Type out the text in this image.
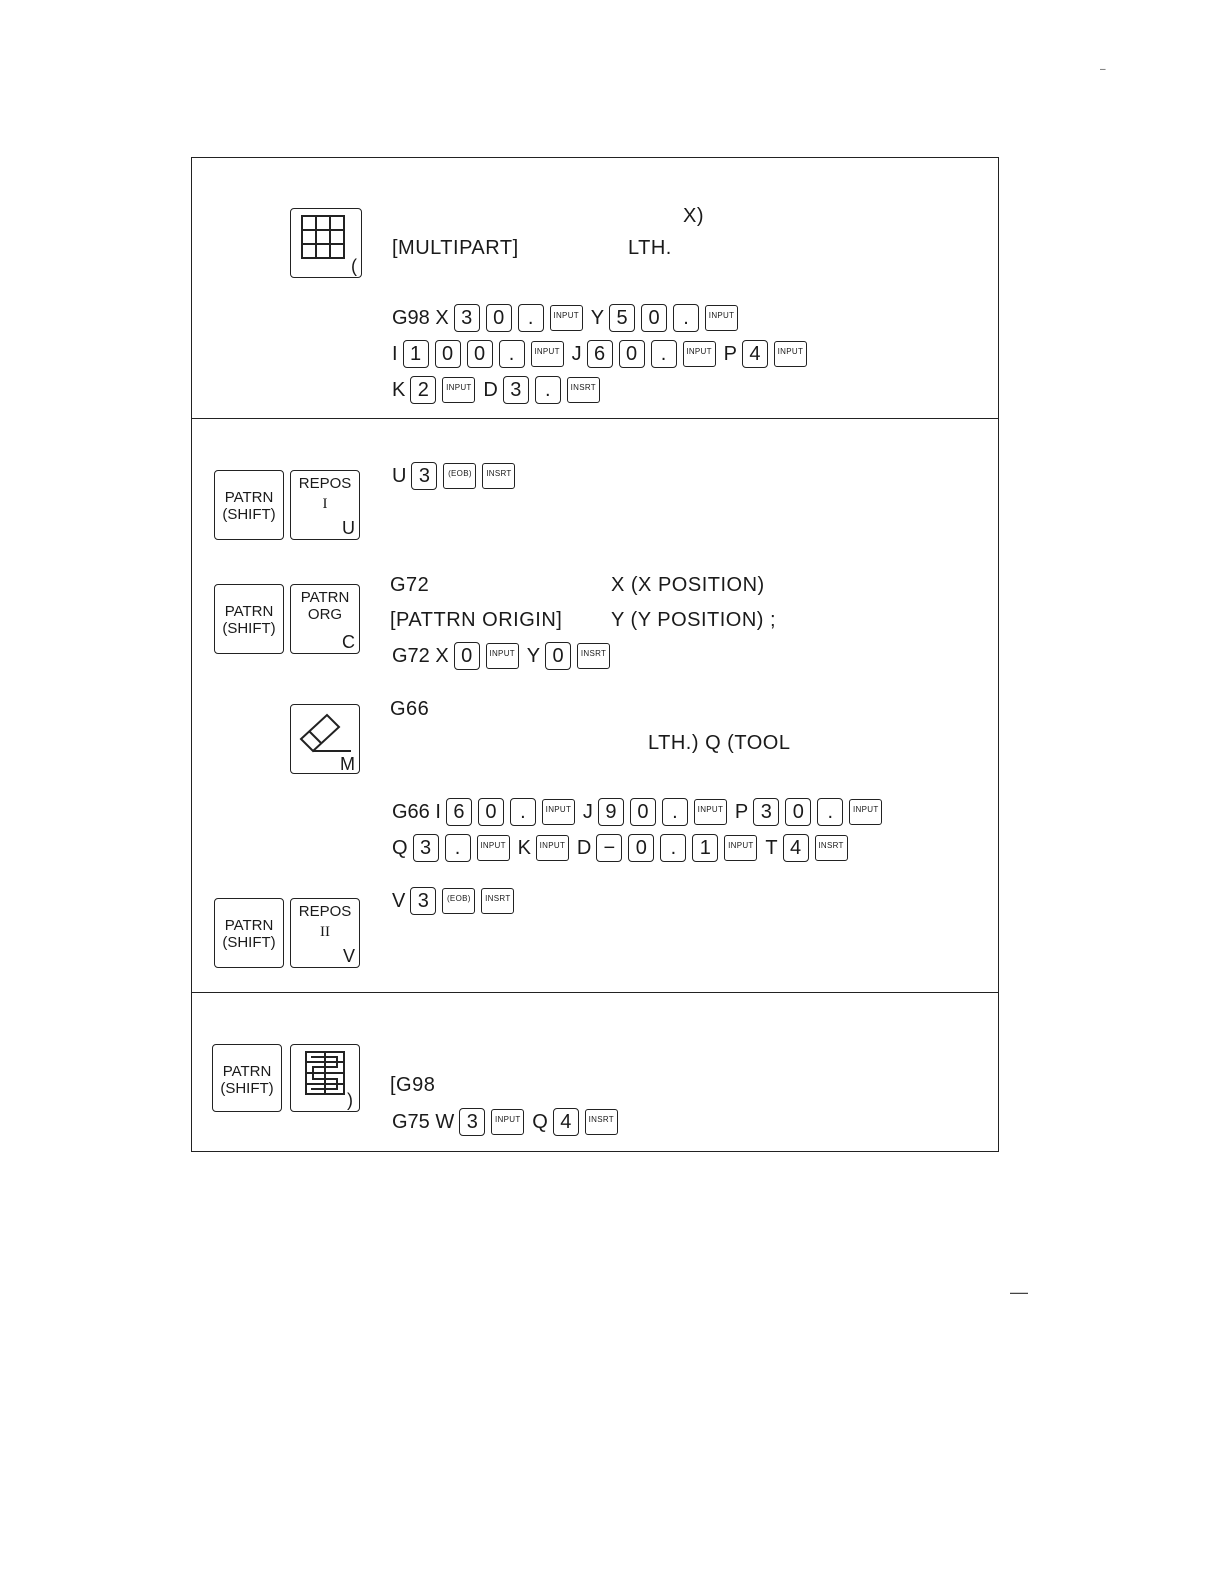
(
X)
[MULTIPART]	LTH.
G98 X 3	0	.	INPUT Y 5	0	.	INPUT
I 1	0	0	.	INPUT J 6	0	.	INPUT P 4	INPUT
K 2	INPUT D 3	.	INSRT
PATRN
(SHIFT)
REPOS
I
U
U 3	(EOB)	INSRT
PATRN
(SHIFT)
PATRN
ORG
C
G72	X (X POSITION)
[PATTRN ORIGIN] Y (Y POSITION) ;
G72 X 0	INPUT Y 0	INSRT
M
G66
LTH.) Q (TOOL
G66 I 6	0	.	INPUT J 9	0	.	INPUT P 3	0	.	INPUT
Q 3	.	INPUT K	INPUT D −	0	.	1	INPUT T 4	INSRT
V 3	(EOB)	INSRT
PATRN
(SHIFT)
REPOS
II
V
PATRN
(SHIFT)
)
[G98
G75 W 3	INPUT Q 4	INSRT
–
—
